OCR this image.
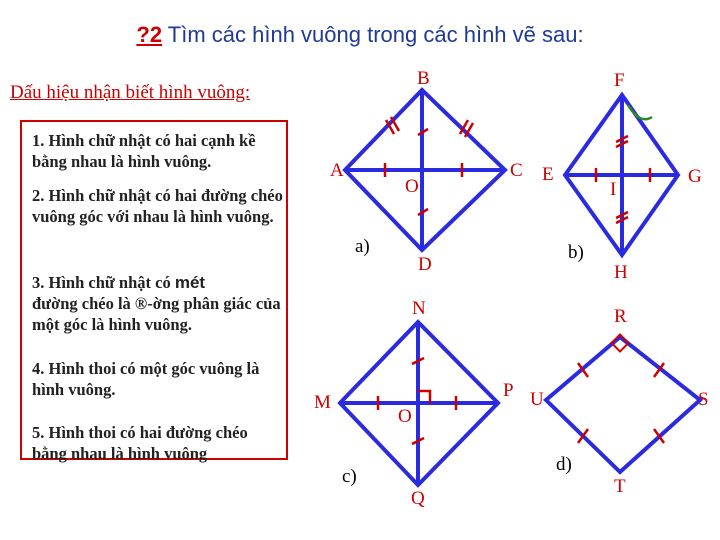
?2 Tìm các hình vuông trong các hình vẽ sau:
Dấu hiệu nhận biết hình vuông:
1. Hình chữ nhật có hai cạnh kề bằng nhau là hình vuông.
2. Hình chữ nhật có hai đường chéo vuông góc với nhau là hình vuông.
3. Hình chữ nhật có mét
đường chéo là ®-ờng phân giác của một góc là hình vuông.
4. Hình thoi có một góc vuông là hình vuông.
5. Hình thoi có hai đường chéo bằng nhau là hình vuông
A
B
C
D
O
a)
E
F
G
H
I
b)
M
N
P
Q
O
c)
U
R
S
T
d)
